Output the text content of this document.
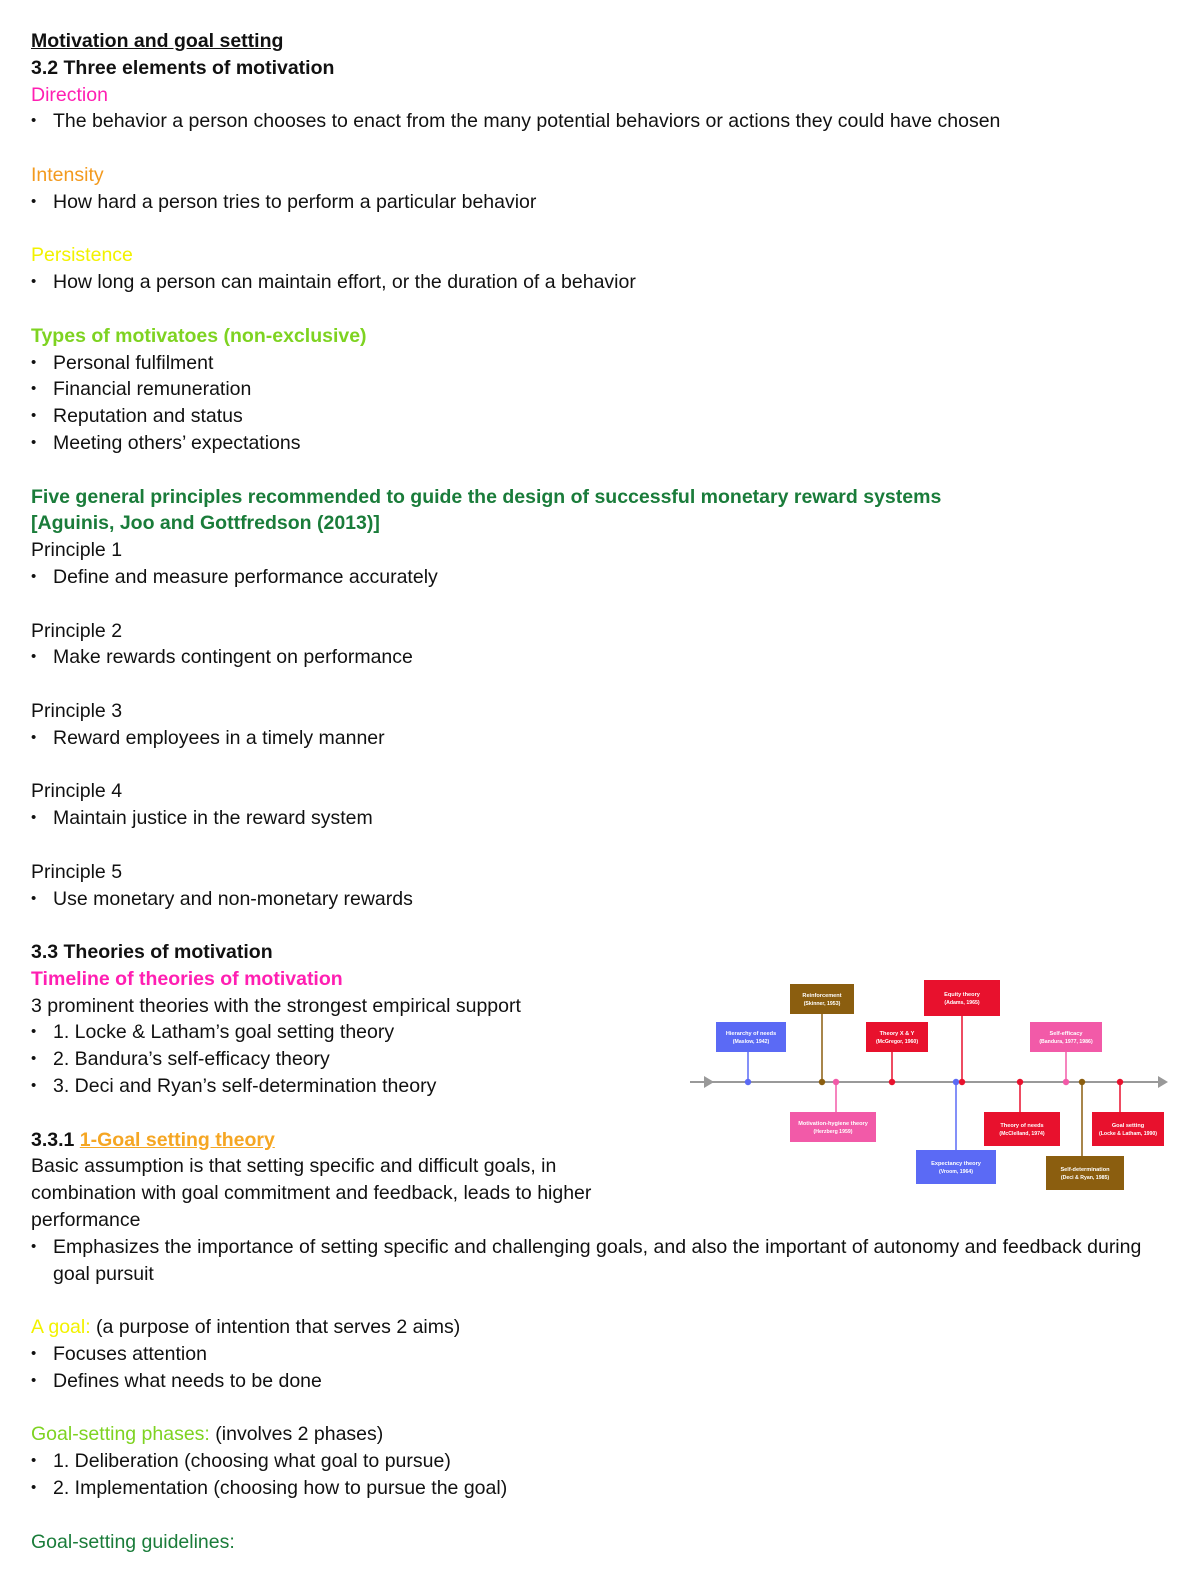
Motivation and goal setting
3.2 Three elements of motivation
Direction
• The behavior a person chooses to enact from the many potential behaviors or actions they could have chosen
Intensity
• How hard a person tries to perform a particular behavior
Persistence
• How long a person can maintain effort, or the duration of a behavior
Types of motivatoes (non-exclusive)
• Personal fulfilment
• Financial remuneration
• Reputation and status
• Meeting others’ expectations
Five general principles recommended to guide the design of successful monetary reward systems
[Aguinis, Joo and Gottfredson (2013)]
Principle 1
• Define and measure performance accurately
Principle 2
• Make rewards contingent on performance
Principle 3
• Reward employees in a timely manner
Principle 4
• Maintain justice in the reward system
Principle 5
• Use monetary and non-monetary rewards
3.3 Theories of motivation
Timeline of theories of motivation
3 prominent theories with the strongest empirical support
• 1. Locke & Latham’s goal setting theory
• 2. Bandura’s self-efficacy theory
• 3. Deci and Ryan’s self-determination theory
3.3.1 1-Goal setting theory
Basic assumption is that setting specific and difficult goals, in combination with goal commitment and feedback, leads to higher performance
• Emphasizes the importance of setting specific and challenging goals, and also the important of autonomy and feedback during goal pursuit
A goal: (a purpose of intention that serves 2 aims)
• Focuses attention
• Defines what needs to be done
Goal-setting phases: (involves 2 phases)
• 1. Deliberation (choosing what goal to pursue)
• 2. Implementation (choosing how to pursue the goal)
Goal-setting guidelines:
Hierarchy of needs
(Maslow, 1942)
Reinforcement
(Skinner, 1953)
Motivation-hygiene theory
(Herzberg 1959)
Theory X & Y
(McGregor, 1960)
Expectancy theory
(Vroom, 1964)
Equity theory
(Adams, 1965)
Theory of needs
(McClelland, 1974)
Self-efficacy
(Bandura, 1977, 1986)
Self-determination
(Deci & Ryan, 1985)
Goal setting
(Locke & Latham, 1990)
